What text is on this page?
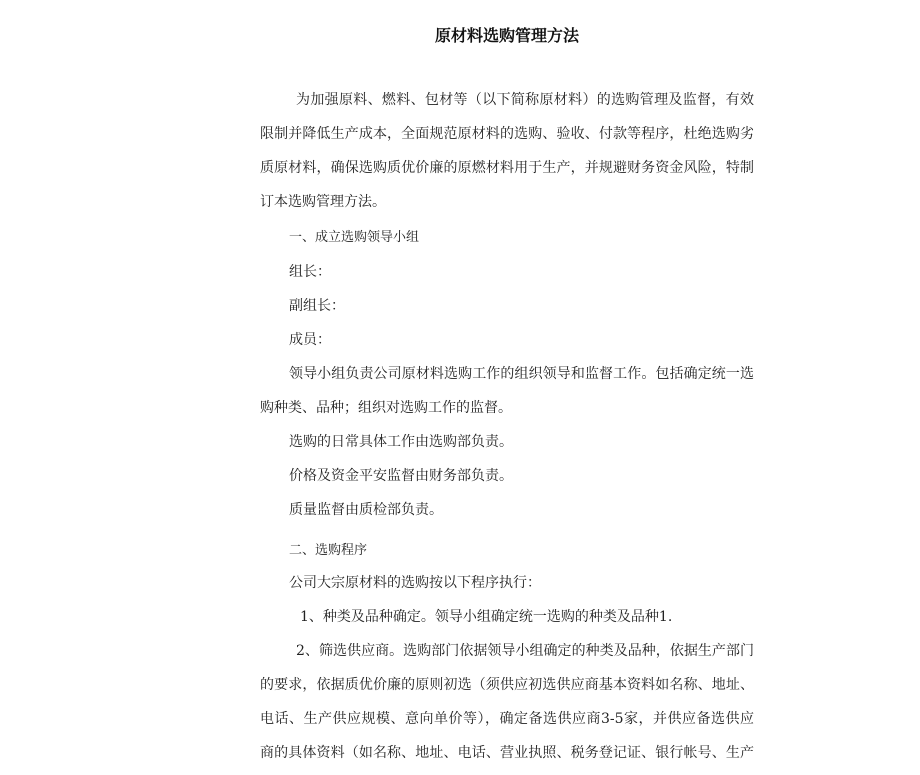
原材料选购管理方法
为加强原料、燃料、包材等（以下简称原材料）的选购管理及监督，有效
限制并降低生产成本，全面规范原材料的选购、验收、付款等程序，杜绝选购劣
质原材料，确保选购质优价廉的原燃材料用于生产，并规避财务资金风险，特制
订本选购管理方法。
一、成立选购领导小组
组长：
副组长：
成员：
领导小组负责公司原材料选购工作的组织领导和监督工作。包括确定统一选
购种类、品种；组织对选购工作的监督。
选购的日常具体工作由选购部负责。
价格及资金平安监督由财务部负责。
质量监督由质检部负责。
二、选购程序
公司大宗原材料的选购按以下程序执行：
1、种类及品种确定。领导小组确定统一选购的种类及品种1.
2、筛选供应商。选购部门依据领导小组确定的种类及品种，依据生产部门
的要求，依据质优价廉的原则初选（须供应初选供应商基本资料如名称、地址、
电话、生产供应规模、意向单价等），确定备选供应商3-5家，并供应备选供应
商的具体资料（如名称、地址、电话、营业执照、税务登记证、银行帐号、生产
